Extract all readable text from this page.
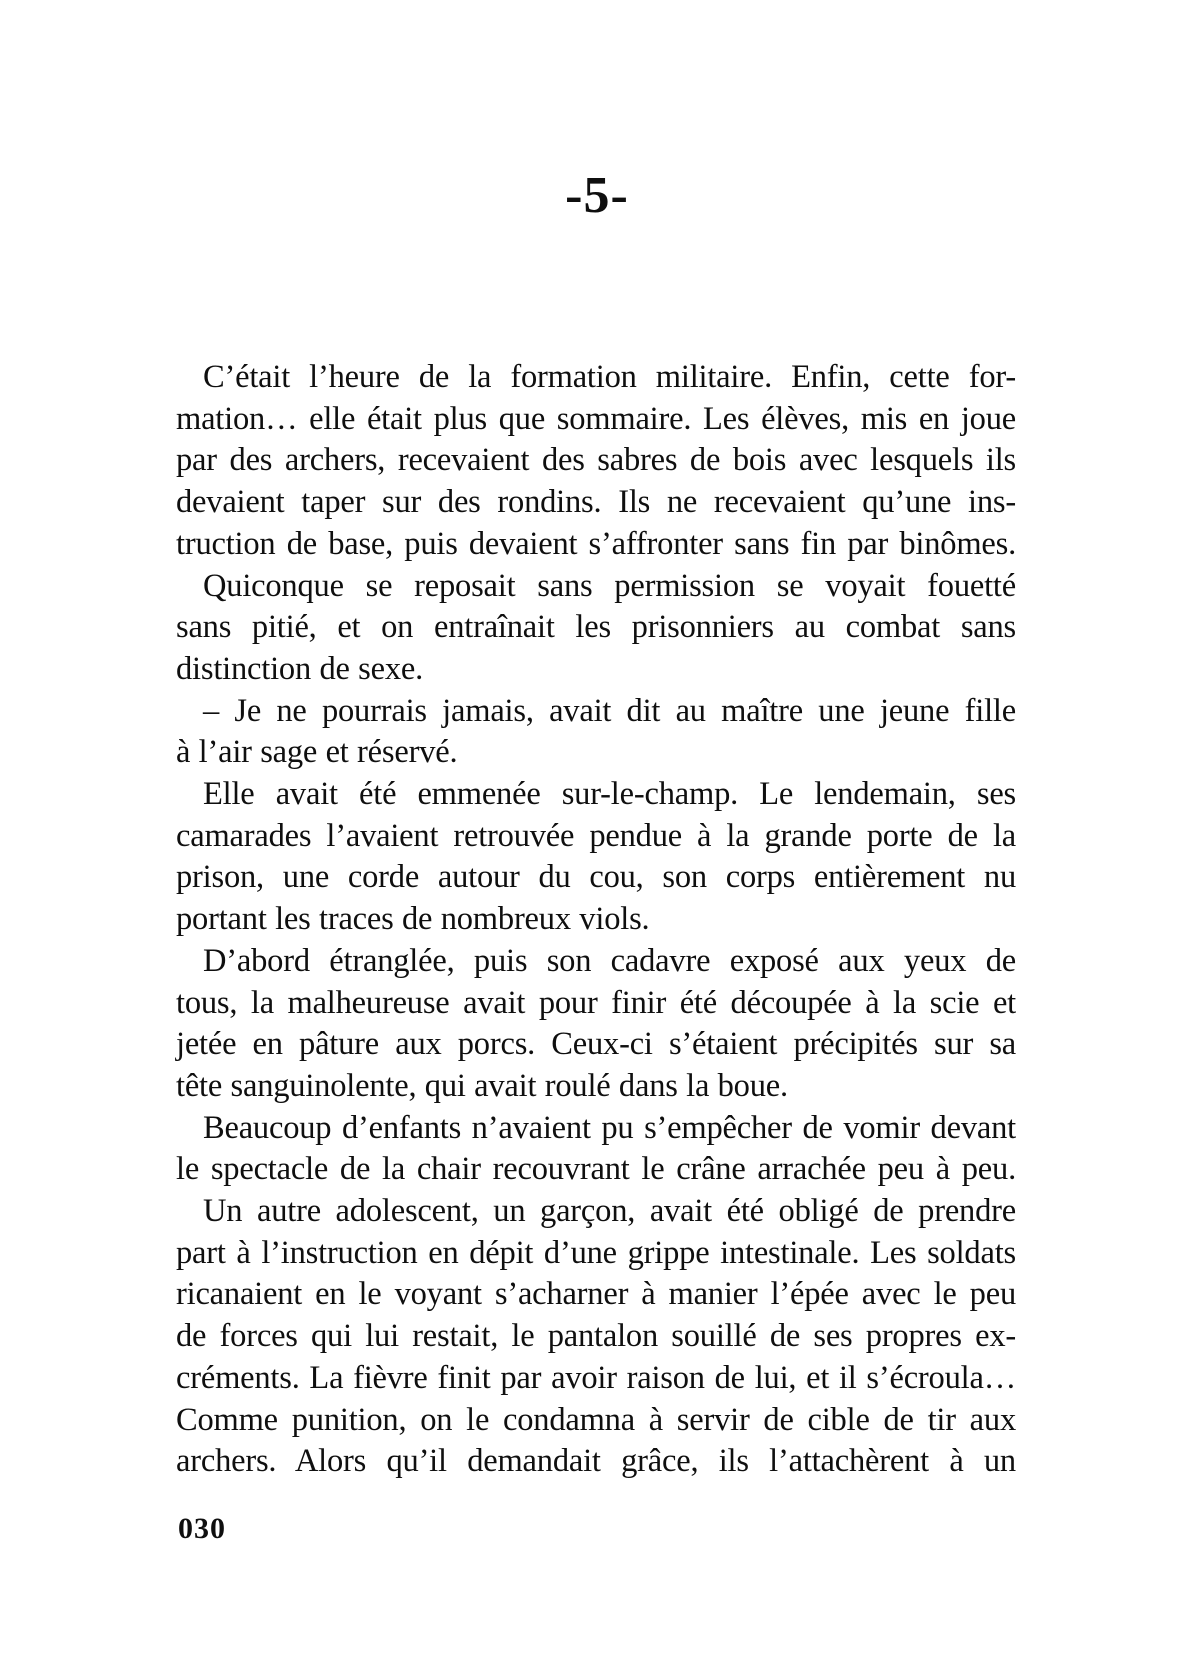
-5-
C’était l’heure de la formation militaire. Enfin, cette for-
mation… elle était plus que sommaire. Les élèves, mis en joue
par des archers, recevaient des sabres de bois avec lesquels ils
devaient taper sur des rondins. Ils ne recevaient qu’une ins-
truction de base, puis devaient s’affronter sans fin par binômes.
Quiconque se reposait sans permission se voyait fouetté
sans pitié, et on entraînait les prisonniers au combat sans
distinction de sexe.
– Je ne pourrais jamais, avait dit au maître une jeune fille
à l’air sage et réservé.
Elle avait été emmenée sur-le-champ. Le lendemain, ses
camarades l’avaient retrouvée pendue à la grande porte de la
prison, une corde autour du cou, son corps entièrement nu
portant les traces de nombreux viols.
D’abord étranglée, puis son cadavre exposé aux yeux de
tous, la malheureuse avait pour finir été découpée à la scie et
jetée en pâture aux porcs. Ceux-ci s’étaient précipités sur sa
tête sanguinolente, qui avait roulé dans la boue.
Beaucoup d’enfants n’avaient pu s’empêcher de vomir devant
le spectacle de la chair recouvrant le crâne arrachée peu à peu.
Un autre adolescent, un garçon, avait été obligé de prendre
part à l’instruction en dépit d’une grippe intestinale. Les soldats
ricanaient en le voyant s’acharner à manier l’épée avec le peu
de forces qui lui restait, le pantalon souillé de ses propres ex-
créments. La fièvre finit par avoir raison de lui, et il s’écroula…
Comme punition, on le condamna à servir de cible de tir aux
archers. Alors qu’il demandait grâce, ils l’attachèrent à un
030
